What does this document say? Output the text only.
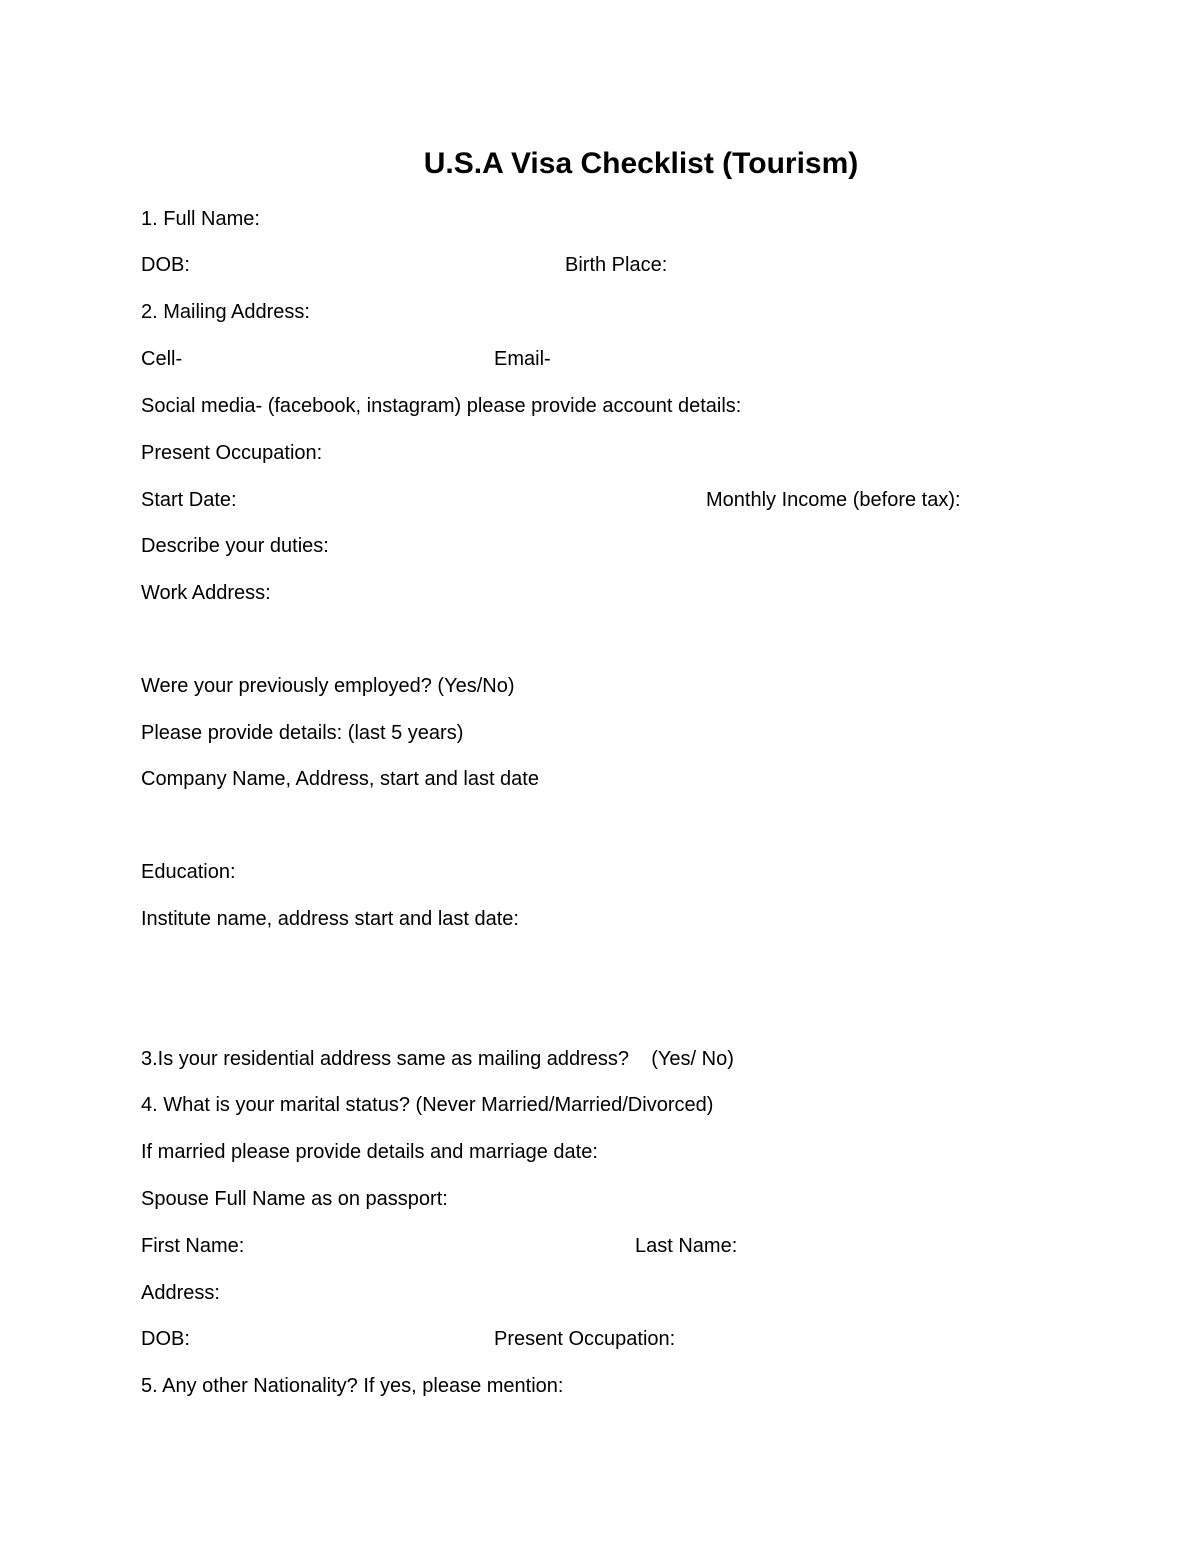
U.S.A Visa Checklist (Tourism)
1. Full Name:
DOB:	Birth Place:
2. Mailing Address:
Cell-	Email-
Social media- (facebook, instagram) please provide account details:
Present Occupation:
Start Date:	Monthly Income (before tax):
Describe your duties:
Work Address:
Were your previously employed? (Yes/No)
Please provide details: (last 5 years)
Company Name, Address, start and last date
Education:
Institute name, address start and last date:
3.Is your residential address same as mailing address?    (Yes/ No)
4. What is your marital status? (Never Married/Married/Divorced)
If married please provide details and marriage date:
Spouse Full Name as on passport:
First Name:	Last Name:
Address:
DOB:	Present Occupation:
5. Any other Nationality? If yes, please mention:
